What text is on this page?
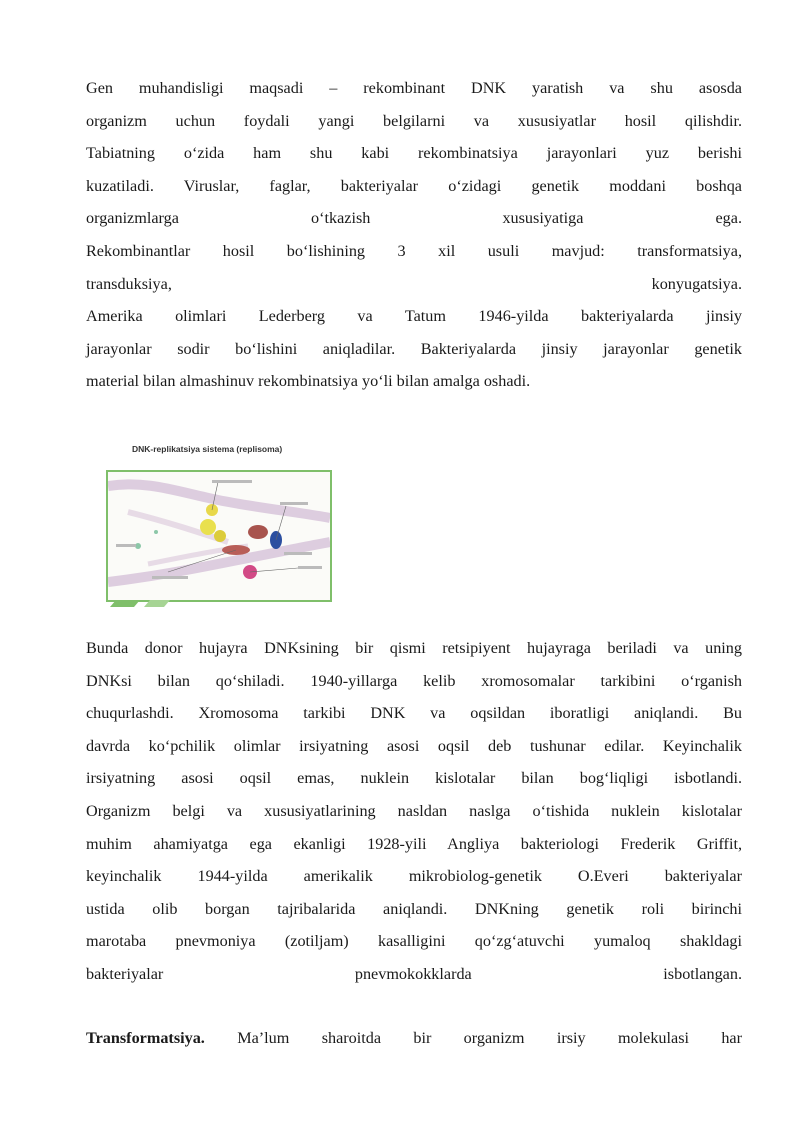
Gen muhandisligi maqsadi – rekombinant DNK yaratish va shu asosda
organizm uchun foydali yangi belgilarni va xususiyatlar hosil qilishdir.
Tabiatning o‘zida ham shu kabi rekombinatsiya jarayonlari yuz berishi
kuzatiladi. Viruslar, faglar, bakteriyalar o‘zidagi genetik moddani boshqa
organizmlarga o‘tkazish xususiyatiga ega.
Rekombinantlar hosil bo‘lishining 3 xil usuli mavjud: transformatsiya,
transduksiya, konyugatsiya.
Amerika olimlari Lederberg va Tatum 1946-yilda bakteriyalarda jinsiy
jarayonlar sodir bo‘lishini aniqladilar. Bakteriyalarda jinsiy jarayonlar genetik
material bilan almashinuv rekombinatsiya yo‘li bilan amalga oshadi.
DNK-replikatsiya sistema (replisoma)
Bunda donor hujayra DNKsining bir qismi retsipiyent hujayraga beriladi va uning
DNKsi bilan qo‘shiladi. 1940-yillarga kelib xromosomalar tarkibini o‘rganish
chuqurlashdi. Xromosoma tarkibi DNK va oqsildan iboratligi aniqlandi. Bu
davrda ko‘pchilik olimlar irsiyatning asosi oqsil deb tushunar edilar. Keyinchalik
irsiyatning asosi oqsil emas, nuklein kislotalar bilan bog‘liqligi isbotlandi.
Organizm belgi va xususiyatlarining nasldan naslga o‘tishida nuklein kislotalar
muhim ahamiyatga ega ekanligi 1928-yili Angliya bakteriologi Frederik Griffit,
keyinchalik 1944-yilda amerikalik mikrobiolog-genetik O.Everi bakteriyalar
ustida olib borgan tajribalarida aniqlandi. DNKning genetik roli birinchi
marotaba pnevmoniya (zotiljam) kasalligini qo‘zg‘atuvchi yumaloq shakldagi
bakteriyalar pnevmokokklarda isbotlangan.
Transformatsiya. Ma’lum sharoitda bir organizm irsiy molekulasi har
